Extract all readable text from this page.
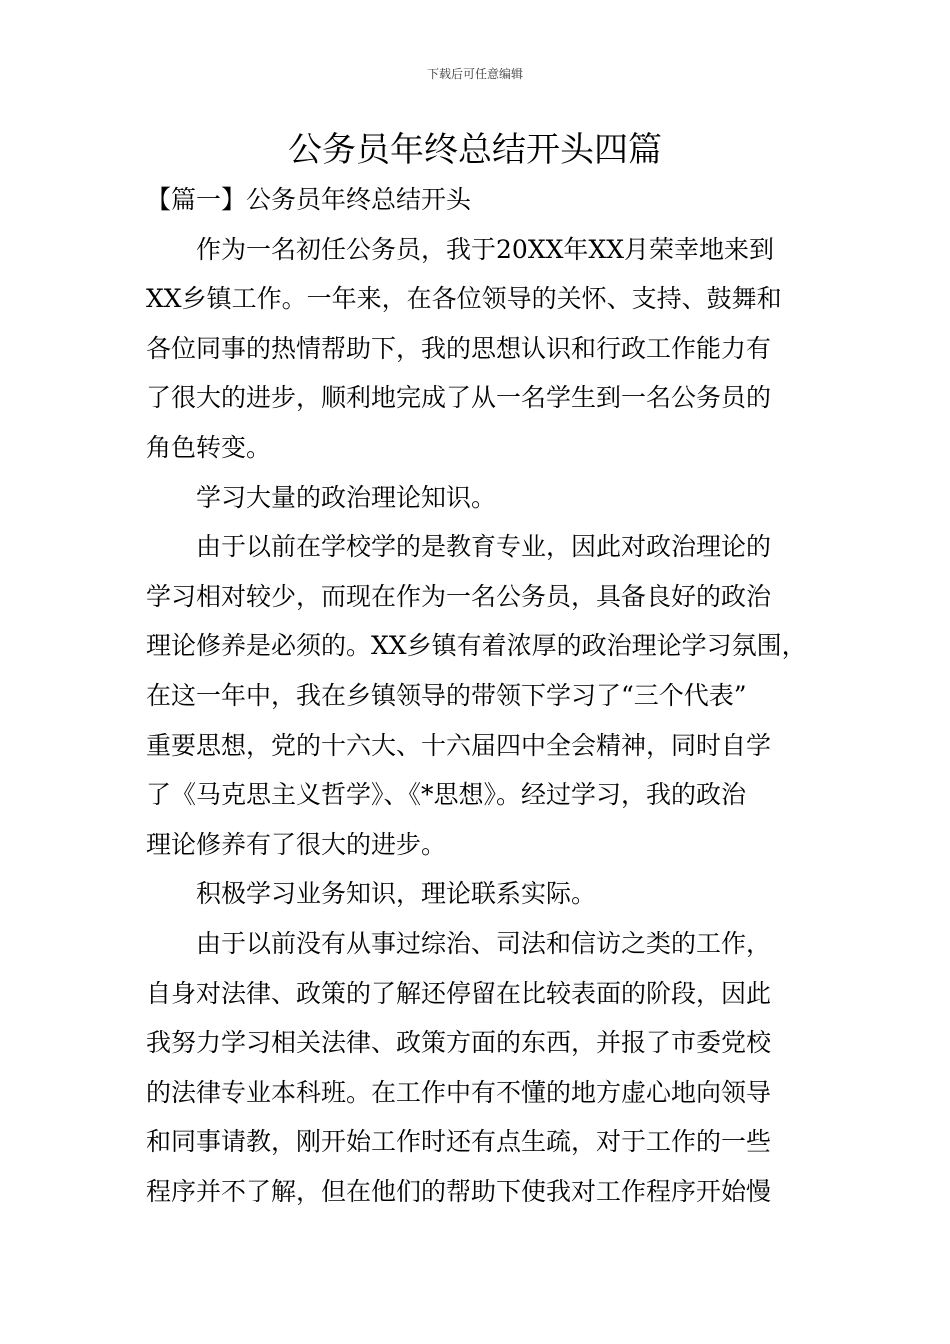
下载后可任意编辑
公务员年终总结开头四篇
【篇一】公务员年终总结开头
作为一名初任公务员，我于20XX年XX月荣幸地来到
XX乡镇工作。一年来，在各位领导的关怀、支持、鼓舞和
各位同事的热情帮助下，我的思想认识和行政工作能力有
了很大的进步，顺利地完成了从一名学生到一名公务员的
角色转变。
学习大量的政治理论知识。
由于以前在学校学的是教育专业，因此对政治理论的
学习相对较少，而现在作为一名公务员，具备良好的政治
理论修养是必须的。XX乡镇有着浓厚的政治理论学习氛围，
在这一年中，我在乡镇领导的带领下学习了“三个代表”
重要思想，党的十六大、十六届四中全会精神，同时自学
了《马克思主义哲学》、《*思想》。经过学习，我的政治
理论修养有了很大的进步。
积极学习业务知识，理论联系实际。
由于以前没有从事过综治、司法和信访之类的工作，
自身对法律、政策的了解还停留在比较表面的阶段，因此
我努力学习相关法律、政策方面的东西，并报了市委党校
的法律专业本科班。在工作中有不懂的地方虚心地向领导
和同事请教，刚开始工作时还有点生疏，对于工作的一些
程序并不了解，但在他们的帮助下使我对工作程序开始慢
